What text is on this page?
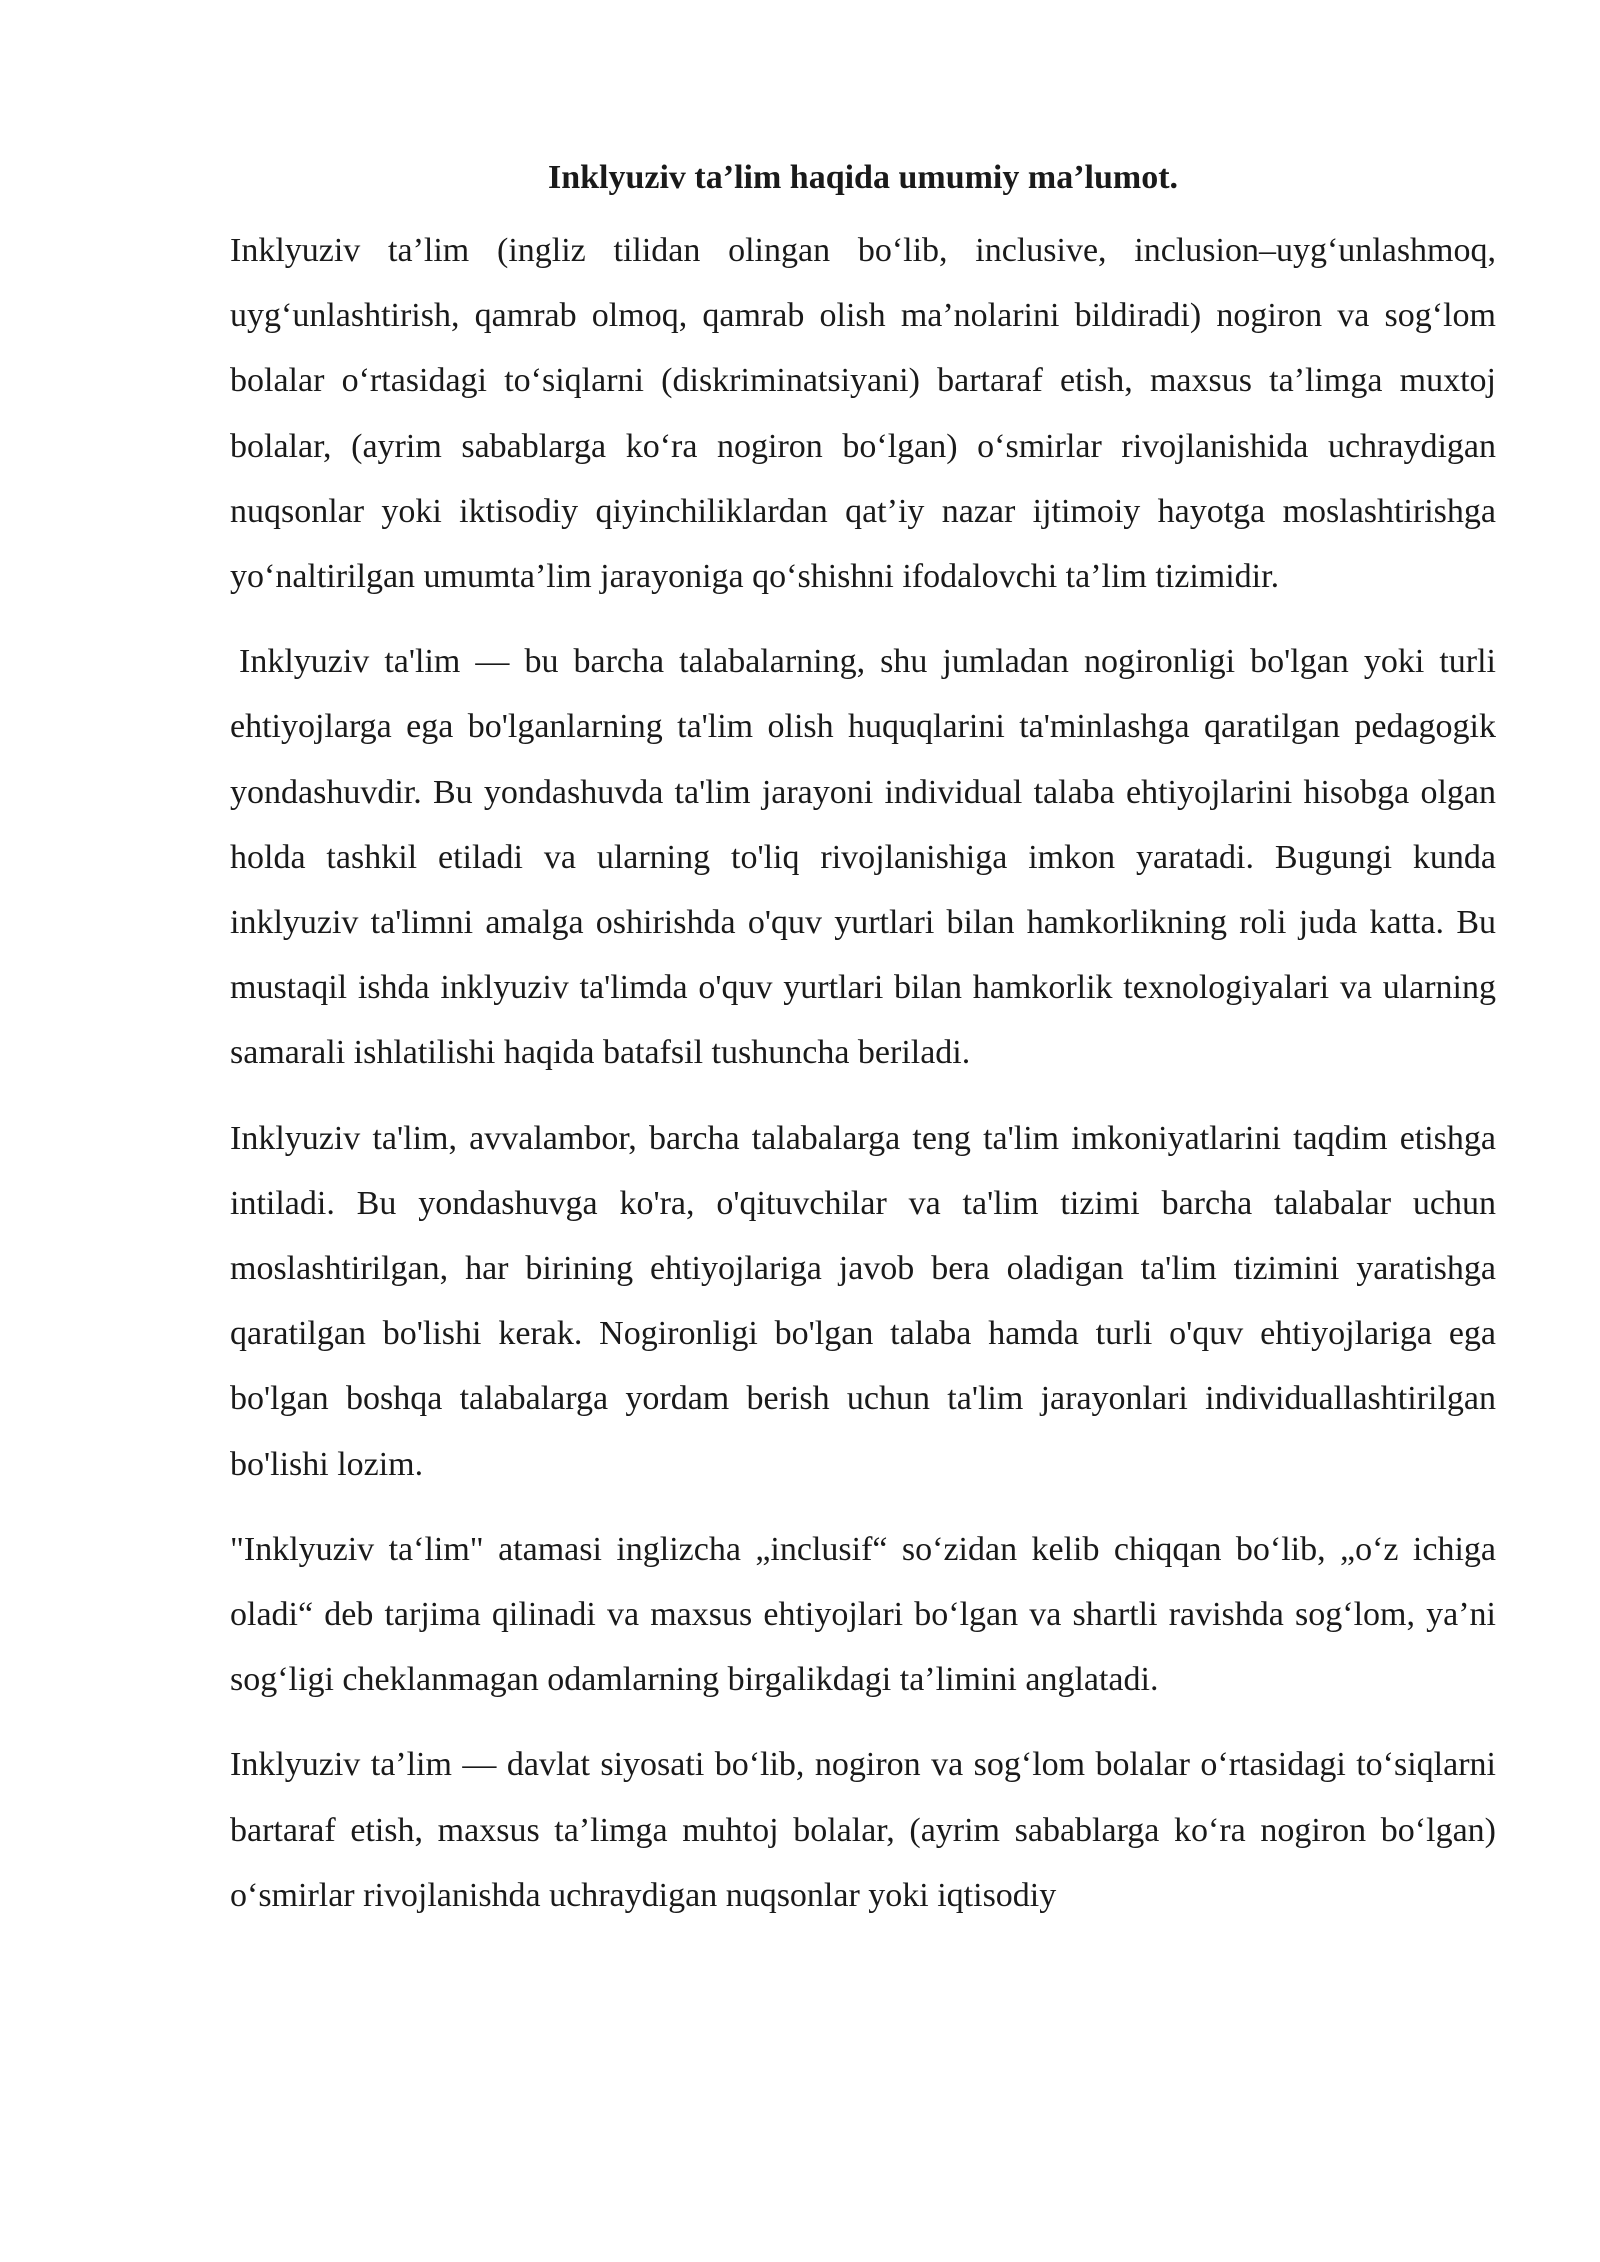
Inklyuziv ta’lim haqida umumiy ma’lumot.

Inklyuziv ta’lim (ingliz tilidan olingan bo‘lib, inclusive, inclusion–uyg‘unlashmoq, uyg‘unlashtirish, qamrab olmoq, qamrab olish ma’nolarini bildiradi) nogiron va sog‘lom bolalar o‘rtasidagi to‘siqlarni (diskriminatsiyani) bartaraf etish, maxsus ta’limga muxtoj bolalar, (ayrim sabablarga ko‘ra nogiron bo‘lgan) o‘smirlar rivojlanishida uchraydigan nuqsonlar yoki iktisodiy qiyinchiliklardan qat’iy nazar ijtimoiy hayotga moslashtirishga yo‘naltirilgan umumta’lim jarayoniga qo‘shishni ifodalovchi ta’lim tizimidir.

Inklyuziv ta'lim — bu barcha talabalarning, shu jumladan nogironligi bo'lgan yoki turli ehtiyojlarga ega bo'lganlarning ta'lim olish huquqlarini ta'minlashga qaratilgan pedagogik yondashuvdir. Bu yondashuvda ta'lim jarayoni individual talaba ehtiyojlarini hisobga olgan holda tashkil etiladi va ularning to'liq rivojlanishiga imkon yaratadi. Bugungi kunda inklyuziv ta'limni amalga oshirishda o'quv yurtlari bilan hamkorlikning roli juda katta. Bu mustaqil ishda inklyuziv ta'limda o'quv yurtlari bilan hamkorlik texnologiyalari va ularning samarali ishlatilishi haqida batafsil tushuncha beriladi.

Inklyuziv ta'lim, avvalambor, barcha talabalarga teng ta'lim imkoniyatlarini taqdim etishga intiladi. Bu yondashuvga ko'ra, o'qituvchilar va ta'lim tizimi barcha talabalar uchun moslashtirilgan, har birining ehtiyojlariga javob bera oladigan ta'lim tizimini yaratishga qaratilgan bo'lishi kerak. Nogironligi bo'lgan talaba hamda turli o'quv ehtiyojlariga ega bo'lgan boshqa talabalarga yordam berish uchun ta'lim jarayonlari individuallashtirilgan bo'lishi lozim.

"Inklyuziv ta‘lim" atamasi inglizcha „inclusif“ so‘zidan kelib chiqqan bo‘lib, „o‘z ichiga oladi“ deb tarjima qilinadi va maxsus ehtiyojlari bo‘lgan va shartli ravishda sog‘lom, ya’ni sog‘ligi cheklanmagan odamlarning birgalikdagi ta’limini anglatadi.

Inklyuziv ta’lim — davlat siyosati bo‘lib, nogiron va sog‘lom bolalar o‘rtasidagi to‘siqlarni bartaraf etish, maxsus ta’limga muhtoj bolalar, (ayrim sabablarga ko‘ra nogiron bo‘lgan) o‘smirlar rivojlanishda uchraydigan nuqsonlar yoki iqtisodiy
